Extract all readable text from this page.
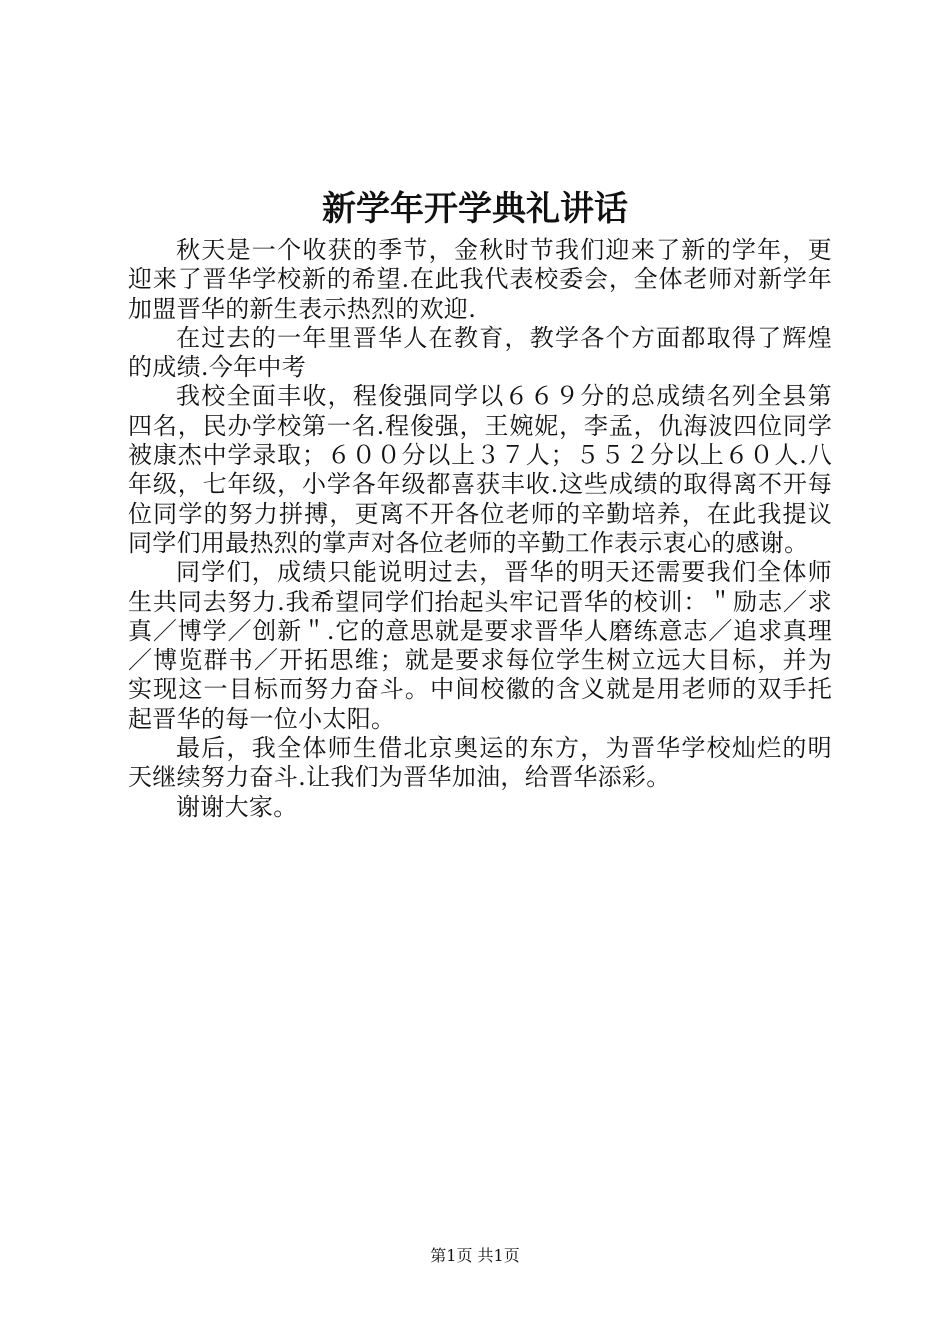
新学年开学典礼讲话

秋天是一个收获的季节，金秋时节我们迎来了新的学年，更迎来了晋华学校新的希望.在此我代表校委会，全体老师对新学年加盟晋华的新生表示热烈的欢迎.

在过去的一年里晋华人在教育，教学各个方面都取得了辉煌的成绩.今年中考

我校全面丰收，程俊强同学以６６９分的总成绩名列全县第四名，民办学校第一名.程俊强，王婉妮，李孟，仇海波四位同学被康杰中学录取；６００分以上３７人；５５２分以上６０人.八年级，七年级，小学各年级都喜获丰收.这些成绩的取得离不开每位同学的努力拼搏，更离不开各位老师的辛勤培养，在此我提议同学们用最热烈的掌声对各位老师的辛勤工作表示衷心的感谢。

同学们，成绩只能说明过去，晋华的明天还需要我们全体师生共同去努力.我希望同学们抬起头牢记晋华的校训：＂励志／求真／博学／创新＂.它的意思就是要求晋华人磨练意志／追求真理／博览群书／开拓思维；就是要求每位学生树立远大目标，并为实现这一目标而努力奋斗。中间校徽的含义就是用老师的双手托起晋华的每一位小太阳。

最后，我全体师生借北京奥运的东方，为晋华学校灿烂的明天继续努力奋斗.让我们为晋华加油，给晋华添彩。

谢谢大家。

第1页 共1页
